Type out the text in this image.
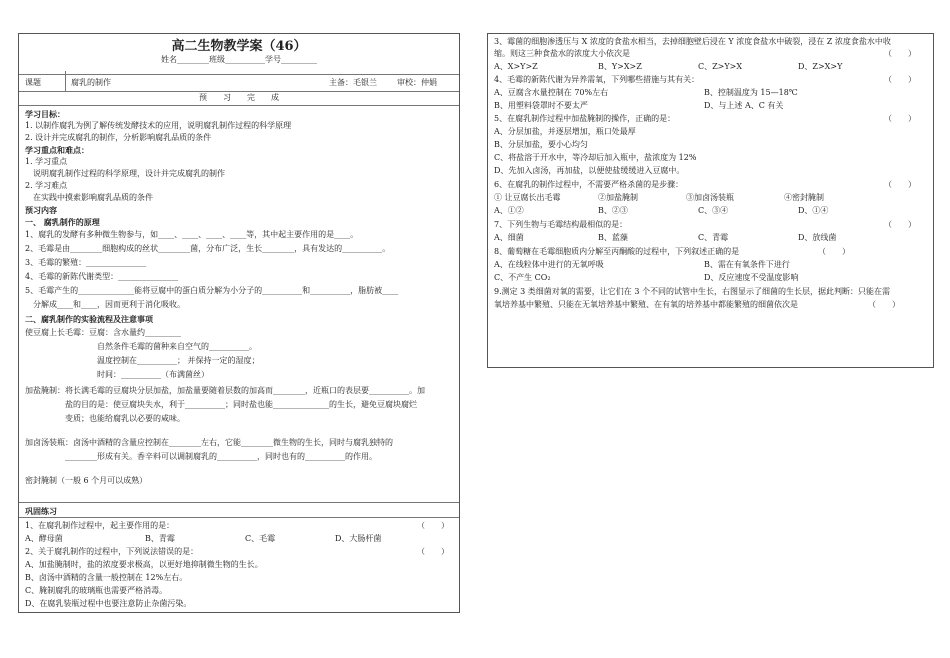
高二生物教学案（46）
姓名________班级__________学号_________
课题	腐乳的制作	主备：毛银兰	审校：仲娟
预　　习　　完　　成
学习目标：
1. 以制作腐乳为例了解传统发酵技术的应用，说明腐乳制作过程的科学原理
2. 设计并完成腐乳的制作，分析影响腐乳品质的条件
学习重点和难点：
1. 学习重点
说明腐乳制作过程的科学原理，设计并完成腐乳的制作
2. 学习难点
在实践中摸索影响腐乳品质的条件
预习内容
一、 腐乳制作的原理
1、腐乳的发酵有多种微生物参与，如____、____、____、____等，其中起主要作用的是____。
2、毛霉是由________细胞构成的丝状________菌，分布广泛，生长________，具有发达的__________。
3、毛霉的繁殖：_______________
4、毛霉的新陈代谢类型：_______________
5、毛霉产生的______________能将豆腐中的蛋白质分解为小分子的__________和__________，脂肪被____
分解成____和____，因而更利于消化吸收。
二、腐乳制作的实验流程及注意事项
使豆腐上长毛霉：豆腐：含水量约_________
自然条件毛霉的菌种来自空气的__________。
温度控制在__________； 并保持一定的湿度；
时间：__________（布满菌丝）
加盐腌制：将长满毛霉的豆腐块分层加盐，加盐量要随着层数的加高而________，近瓶口的表层要__________。加
盐的目的是：使豆腐块失水，利于__________；同时盐也能______________的生长，避免豆腐块腐烂
变质；也能给腐乳以必要的咸味。
加卤汤装瓶：卤汤中酒精的含量应控制在________左右，它能________微生物的生长，同时与腐乳独特的
________形成有关。香辛料可以调制腐乳的__________，同时也有的__________的作用。
密封腌制（一般 6 个月可以成熟）
巩固练习
1、在腐乳制作过程中，起主要作用的是：	（　　）
A、酵母菌	B、青霉	C、毛霉	D、大肠杆菌
2、关于腐乳制作的过程中，下列说法错误的是：	（　　）
A、加盐腌制时，盐的浓度要求极高，以更好地抑制微生物的生长。
B、卤汤中酒精的含量一般控制在 12%左右。
C、腌制腐乳的玻璃瓶也需要严格消毒。
D、在腐乳装瓶过程中也要注意防止杂菌污染。
3、霉菌的细胞渗透压与 X 浓度的食盐水相当，去掉细胞壁后浸在 Y 浓度食盐水中破裂，浸在 Z 浓度食盐水中收
缩。则这三种食盐水的浓度大小依次是	（　　）
A、X>Y>Z	B、Y>X>Z	C、Z>Y>X	D、Z>X>Y
4、毛霉的新陈代谢为异养需氧，下列哪些措施与其有关：	（　　）
A、豆腐含水量控制在 70%左右	B、控制温度为 15—18℃
B、用塑料袋罩时不要太严	D、与上述 A、C 有关
5、在腐乳制作过程中加盐腌制的操作，正确的是：	（　　）
A、分层加盐，并逐层增加，瓶口处最厚
B、分层加盐，要小心均匀
C、将盐溶于开水中，等冷却后加入瓶中，盐浓度为 12%
D、先加入卤汤，再加盐，以便使盐缓缓进入豆腐中。
6、在腐乳的制作过程中，不需要严格杀菌的是步骤：	（　　）
① 让豆腐长出毛霉	②加盐腌制	③加卤汤装瓶	④密封腌制
A、①②	B、②③	C、③④	D、①④
7、下列生物与毛霉结构最相似的是：	（　　）
A、细菌	B、蓝藻	C、青霉	D、放线菌
8、葡萄糖在毛霉细胞质内分解至丙酮酸的过程中，下列叙述正确的是	（　　）
A、在线粒体中进行的无氧呼吸	B、需在有氧条件下进行
C、不产生 CO₂	D、反应速度不受温度影响
9.测定 3 类细菌对氧的需要，让它们在 3 个不同的试管中生长，右图显示了细菌的生长层，据此判断：只能在需
氧培养基中繁殖、只能在无氧培养基中繁殖、在有氧的培养基中都能繁殖的细菌依次是	（　　）
